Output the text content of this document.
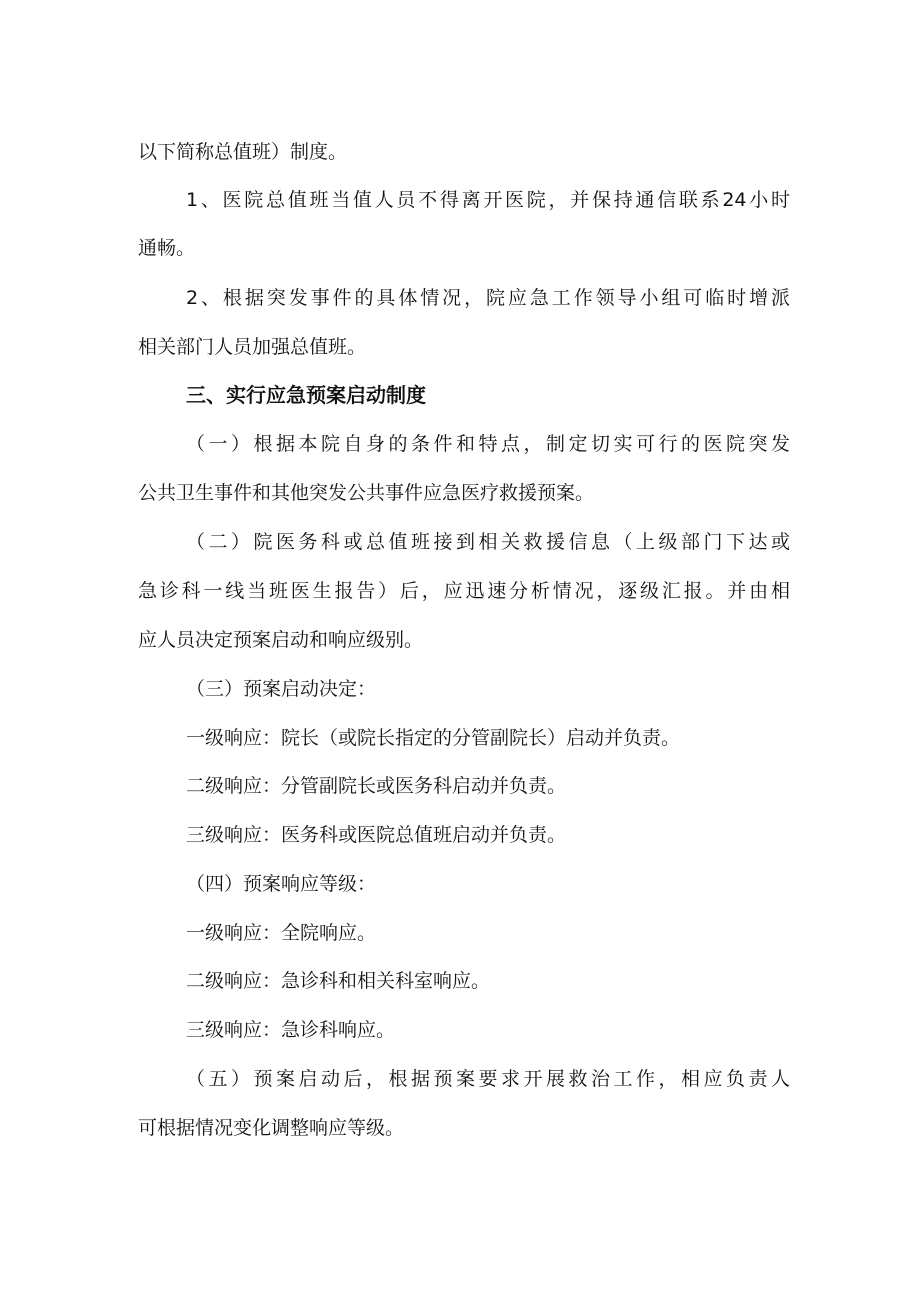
以下简称总值班）制度。

1、医院总值班当值人员不得离开医院，并保持通信联系24小时

通畅。

2、根据突发事件的具体情况，院应急工作领导小组可临时增派

相关部门人员加强总值班。

三、实行应急预案启动制度

（一）根据本院自身的条件和特点，制定切实可行的医院突发

公共卫生事件和其他突发公共事件应急医疗救援预案。

（二）院医务科或总值班接到相关救援信息（上级部门下达或

急诊科一线当班医生报告）后，应迅速分析情况，逐级汇报。并由相

应人员决定预案启动和响应级别。

（三）预案启动决定：

一级响应：院长（或院长指定的分管副院长）启动并负责。

二级响应：分管副院长或医务科启动并负责。

三级响应：医务科或医院总值班启动并负责。

（四）预案响应等级：

一级响应：全院响应。

二级响应：急诊科和相关科室响应。

三级响应：急诊科响应。

（五）预案启动后，根据预案要求开展救治工作，相应负责人

可根据情况变化调整响应等级。
